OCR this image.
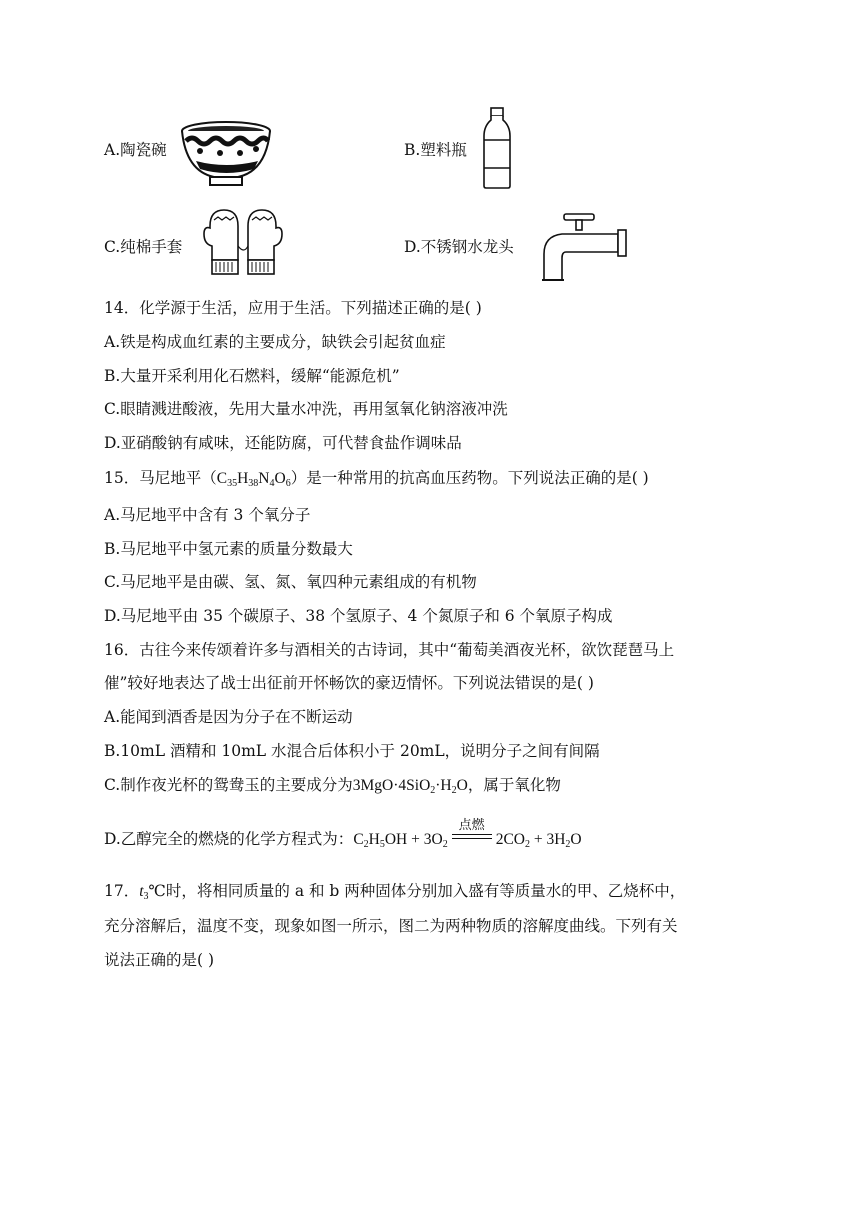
A.陶瓷碗	B.塑料瓶
C.纯棉手套	D.不锈钢水龙头
14．化学源于生活，应用于生活。下列描述正确的是( )
A.铁是构成血红素的主要成分，缺铁会引起贫血症
B.大量开采利用化石燃料，缓解“能源危机”
C.眼睛溅进酸液，先用大量水冲洗，再用氢氧化钠溶液冲洗
D.亚硝酸钠有咸味，还能防腐，可代替食盐作调味品
15．马尼地平$(C_{35}H_{38}N_4O_6)$是一种常用的抗高血压药物。下列说法正确的是( )
A.马尼地平中含有 3 个氧分子
B.马尼地平中氢元素的质量分数最大
C.马尼地平是由碳、氢、氮、氧四种元素组成的有机物
D.马尼地平由 35 个碳原子、38 个氢原子、4 个氮原子和 6 个氧原子构成
16．古往今来传颂着许多与酒相关的古诗词，其中“葡萄美酒夜光杯，欲饮琵琶马上
催”较好地表达了战士出征前开怀畅饮的豪迈情怀。下列说法错误的是( )
A.能闻到酒香是因为分子在不断运动
B.10mL 酒精和 10mL 水混合后体积小于 20mL，说明分子之间有间隔
C.制作夜光杯的鸳鸯玉的主要成分为$3MgO\cdot 4SiO_2\cdot H_2O$，属于氧化物
D.乙醇完全的燃烧的化学方程式为：$C_2H_5OH + 3O_2$
点燃
$2CO_2 + 3H_2O$
17．$t_3℃$时，将相同质量的 a 和 b 两种固体分别加入盛有等质量水的甲、乙烧杯中，
充分溶解后，温度不变，现象如图一所示，图二为两种物质的溶解度曲线。下列有关
说法正确的是( )
